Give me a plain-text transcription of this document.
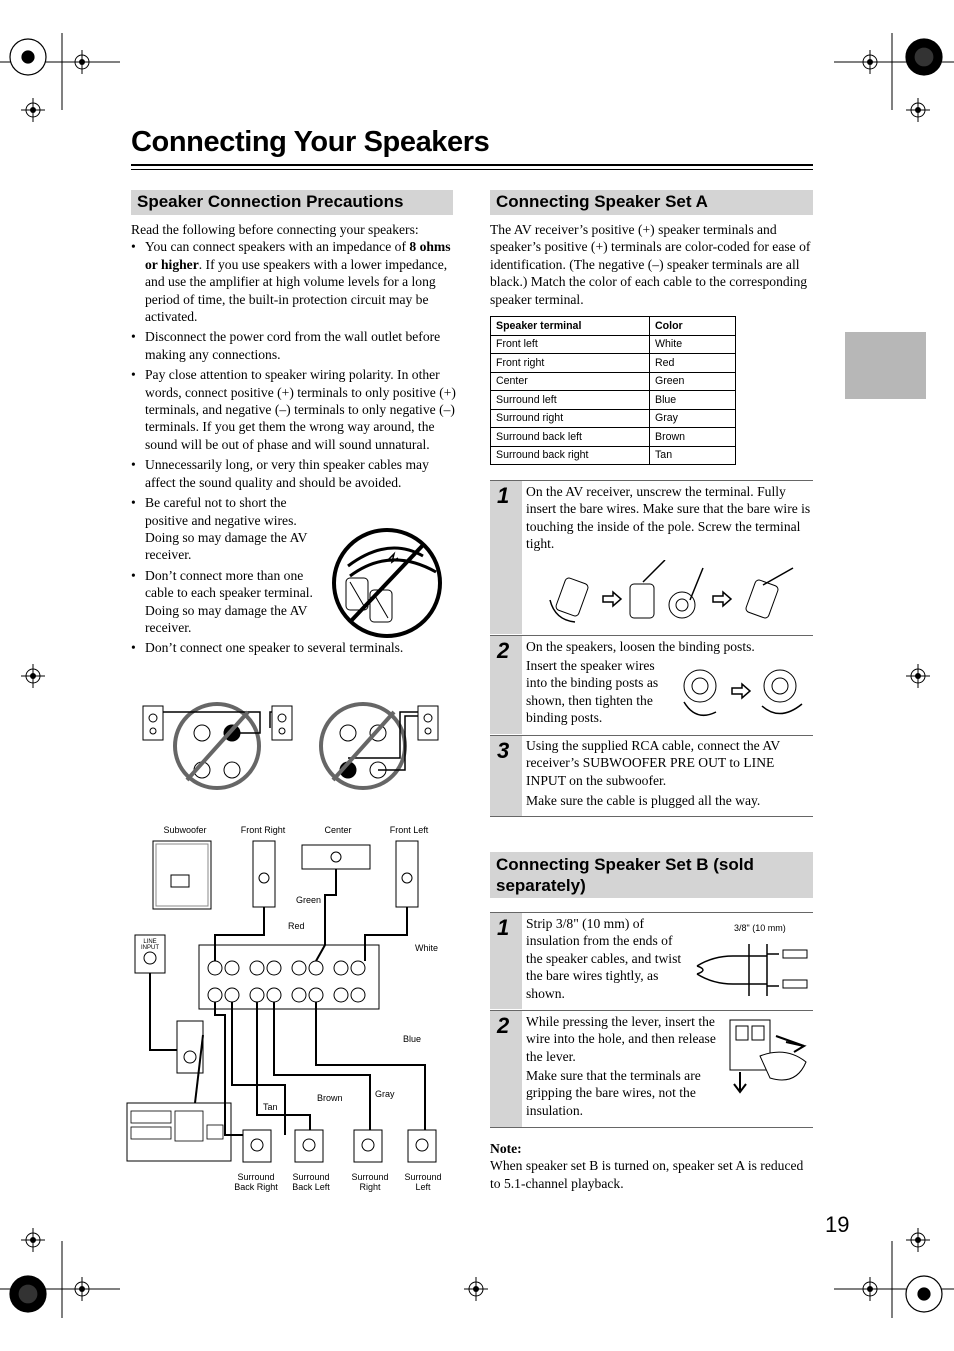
Connecting Your Speakers
Speaker Connection Precautions
Read the following before connecting your speakers:
• You can connect speakers with an impedance of 8 ohms or higher. If you use speakers with a lower impedance, and use the amplifier at high volume levels for a long period of time, the built-in protection circuit may be activated.
• Disconnect the power cord from the wall outlet before making any connections.
• Pay close attention to speaker wiring polarity. In other words, connect positive (+) terminals to only positive (+) terminals, and negative (–) terminals to only negative (–) terminals. If you get them the wrong way around, the sound will be out of phase and will sound unnatural.
• Unnecessarily long, or very thin speaker cables may affect the sound quality and should be avoided.
• Be careful not to short the positive and negative wires. Doing so may damage the AV receiver.
• Don’t connect more than one cable to each speaker terminal. Doing so may damage the AV receiver.
• Don’t connect one speaker to several terminals.
Subwoofer	Front Right	Center	Front Left
LINE INPUT
Green
Red
White
Blue
Gray
Brown
Tan
Surround Back Right
Surround Back Left
Surround Right
Surround Left
Connecting Speaker Set A
The AV receiver’s positive (+) speaker terminals and speaker’s positive (+) terminals are color-coded for ease of identification. (The negative (–) speaker terminals are all black.) Match the color of each cable to the corresponding speaker terminal.
Speaker terminal	Color
Front left	White
Front right	Red
Center	Green
Surround left	Blue
Surround right	Gray
Surround back left	Brown
Surround back right	Tan
1 On the AV receiver, unscrew the terminal. Fully insert the bare wires. Make sure that the bare wire is touching the inside of the pole. Screw the terminal tight.
2 On the speakers, loosen the binding posts.
Insert the speaker wires into the binding posts as shown, then tighten the binding posts.
3 Using the supplied RCA cable, connect the AV receiver’s SUBWOOFER PRE OUT to LINE INPUT on the subwoofer.
Make sure the cable is plugged all the way.
Connecting Speaker Set B (sold separately)
1 Strip 3/8" (10 mm) of insulation from the ends of the speaker cables, and twist the bare wires tightly, as shown.
3/8" (10 mm)
2 While pressing the lever, insert the wire into the hole, and then release the lever.
Make sure that the terminals are gripping the bare wires, not the insulation.
Note:
When speaker set B is turned on, speaker set A is reduced to 5.1-channel playback.
19
